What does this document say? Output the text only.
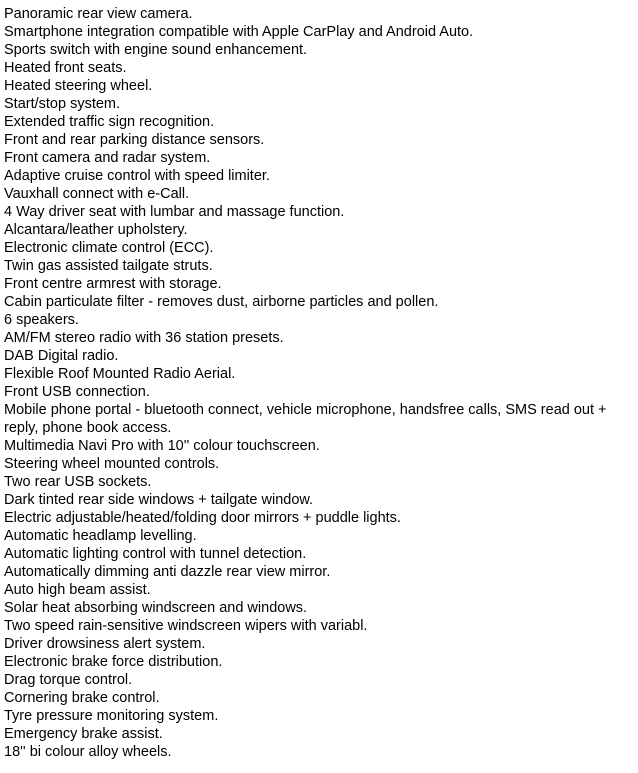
Panoramic rear view camera.
Smartphone integration compatible with Apple CarPlay and Android Auto.
Sports switch with engine sound enhancement.
Heated front seats.
Heated steering wheel.
Start/stop system.
Extended traffic sign recognition.
Front and rear parking distance sensors.
Front camera and radar system.
Adaptive cruise control with speed limiter.
Vauxhall connect with e-Call.
4 Way driver seat with lumbar and massage function.
Alcantara/leather upholstery.
Electronic climate control (ECC).
Twin gas assisted tailgate struts.
Front centre armrest with storage.
Cabin particulate filter - removes dust, airborne particles and pollen.
6 speakers.
AM/FM stereo radio with 36 station presets.
DAB Digital radio.
Flexible Roof Mounted Radio Aerial.
Front USB connection.
Mobile phone portal - bluetooth connect, vehicle microphone, handsfree calls, SMS read out + reply, phone book access.
Multimedia Navi Pro with 10'' colour touchscreen.
Steering wheel mounted controls.
Two rear USB sockets.
Dark tinted rear side windows + tailgate window.
Electric adjustable/heated/folding door mirrors + puddle lights.
Automatic headlamp levelling.
Automatic lighting control with tunnel detection.
Automatically dimming anti dazzle rear view mirror.
Auto high beam assist.
Solar heat absorbing windscreen and windows.
Two speed rain-sensitive windscreen wipers with variabl.
Driver drowsiness alert system.
Electronic brake force distribution.
Drag torque control.
Cornering brake control.
Tyre pressure monitoring system.
Emergency brake assist.
18'' bi colour alloy wheels.
